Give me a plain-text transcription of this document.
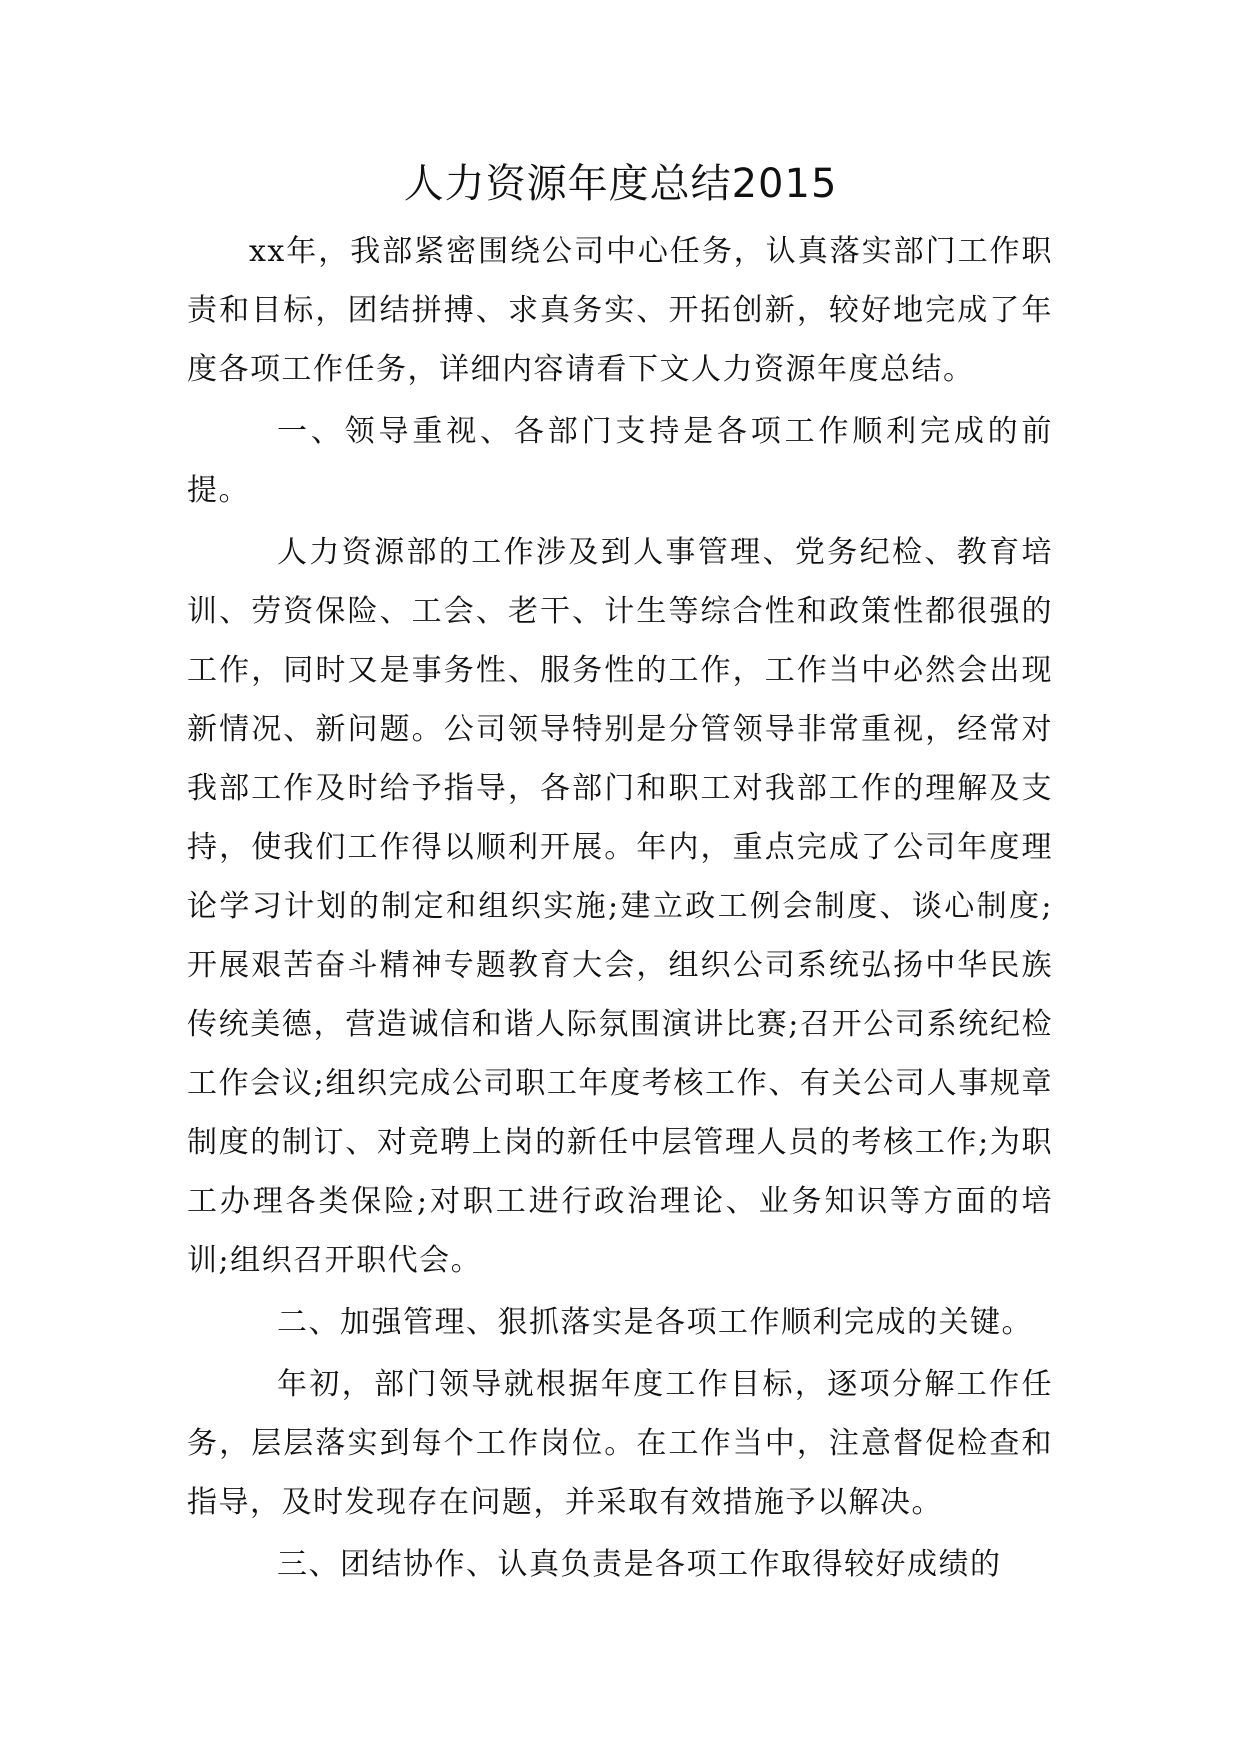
人力资源年度总结2015

xx年，我部紧密围绕公司中心任务，认真落实部门工作职责和目标，团结拼搏、求真务实、开拓创新，较好地完成了年度各项工作任务，详细内容请看下文人力资源年度总结。

一、领导重视、各部门支持是各项工作顺利完成的前提。

人力资源部的工作涉及到人事管理、党务纪检、教育培训、劳资保险、工会、老干、计生等综合性和政策性都很强的工作，同时又是事务性、服务性的工作，工作当中必然会出现新情况、新问题。公司领导特别是分管领导非常重视，经常对我部工作及时给予指导，各部门和职工对我部工作的理解及支持，使我们工作得以顺利开展。年内，重点完成了公司年度理论学习计划的制定和组织实施;建立政工例会制度、谈心制度;开展艰苦奋斗精神专题教育大会，组织公司系统弘扬中华民族传统美德，营造诚信和谐人际氛围演讲比赛;召开公司系统纪检工作会议;组织完成公司职工年度考核工作、有关公司人事规章制度的制订、对竞聘上岗的新任中层管理人员的考核工作;为职工办理各类保险;对职工进行政治理论、业务知识等方面的培训;组织召开职代会。

二、加强管理、狠抓落实是各项工作顺利完成的关键。

年初，部门领导就根据年度工作目标，逐项分解工作任务，层层落实到每个工作岗位。在工作当中，注意督促检查和指导，及时发现存在问题，并采取有效措施予以解决。

三、团结协作、认真负责是各项工作取得较好成绩的
